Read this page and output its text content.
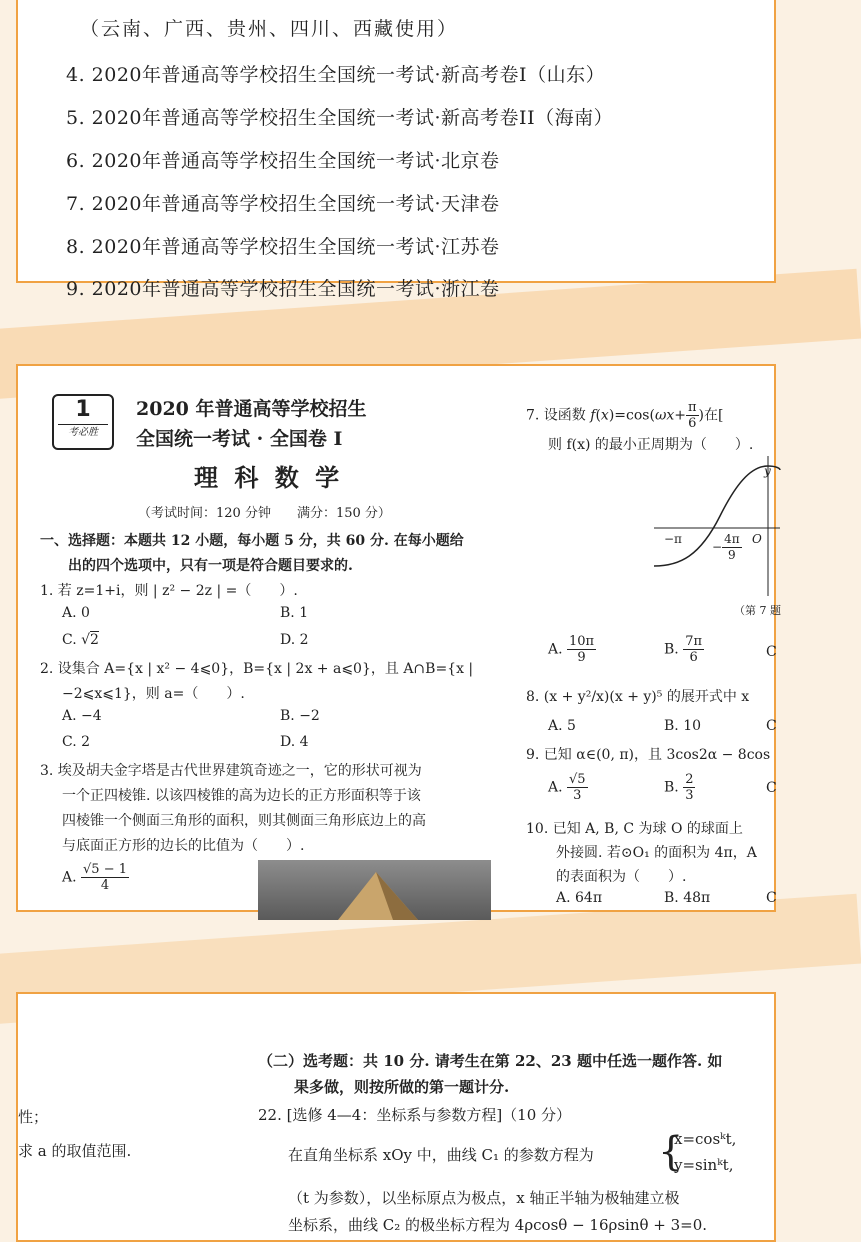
（云南、广西、贵州、四川、西藏使用）
4. 2020年普通高等学校招生全国统一考试·新高考卷I（山东）
5. 2020年普通高等学校招生全国统一考试·新高考卷II（海南）
6. 2020年普通高等学校招生全国统一考试·北京卷
7. 2020年普通高等学校招生全国统一考试·天津卷
8. 2020年普通高等学校招生全国统一考试·江苏卷
9. 2020年普通高等学校招生全国统一考试·浙江卷
1
考必胜
2020 年普通高等学校招生
全国统一考试 · 全国卷 I
理 科 数 学
（考试时间：120 分钟　　满分：150 分）
一、选择题：本题共 12 小题，每小题 5 分，共 60 分. 在每小题给
出的四个选项中，只有一项是符合题目要求的.
1. 若 z=1+i，则 | z² − 2z | =（　　）.
A. 0	B. 1
C. √2	D. 2
2. 设集合 A={x | x² − 4⩽0}，B={x | 2x + a⩽0}，且 A∩B={x |
−2⩽x⩽1}，则 a=（　　）.
A. −4	B. −2
C. 2	D. 4
3. 埃及胡夫金字塔是古代世界建筑奇迹之一，它的形状可视为
一个正四棱锥. 以该四棱锥的高为边长的正方形面积等于该
四棱锥一个侧面三角形的面积，则其侧面三角形底边上的高
与底面正方形的边长的比值为（　　）.
A. $\frac{√5 - 1}{4}$
7. 设函数 $f(x)=\cos(\omega x+ \frac{\pi}{6}$ )在[
则 f(x) 的最小正周期为（　　）.
y
−π
− $\frac{4\pi}{9}$ O
（第 7 题
A. $\frac{10\pi}{9}$	B. $\frac{7\pi}{6}$	C
8. (x + y²/x)(x + y)⁵ 的展开式中 x
A. 5	B. 10	C
9. 已知 α∈(0, π)，且 3cos2α − 8cos
A. $\frac{√5}{3}$	B. $\frac{2}{3}$	C
10. 已知 A, B, C 为球 O 的球面上
外接圆. 若⊙O₁ 的面积为 4π，A
的表面积为（　　）.
A. 64π	B. 48π	C
性；
求 a 的取值范围.
（二）选考题：共 10 分. 请考生在第 22、23 题中任选一题作答. 如
果多做，则按所做的第一题计分.
22. [选修 4—4：坐标系与参数方程]（10 分）
在直角坐标系 xOy 中，曲线 C₁ 的参数方程为 {
x=cosᵏt,
y=sinᵏt,
（t 为参数），以坐标原点为极点，x 轴正半轴为极轴建立极
坐标系，曲线 C₂ 的极坐标方程为 4ρcosθ − 16ρsinθ + 3=0.
